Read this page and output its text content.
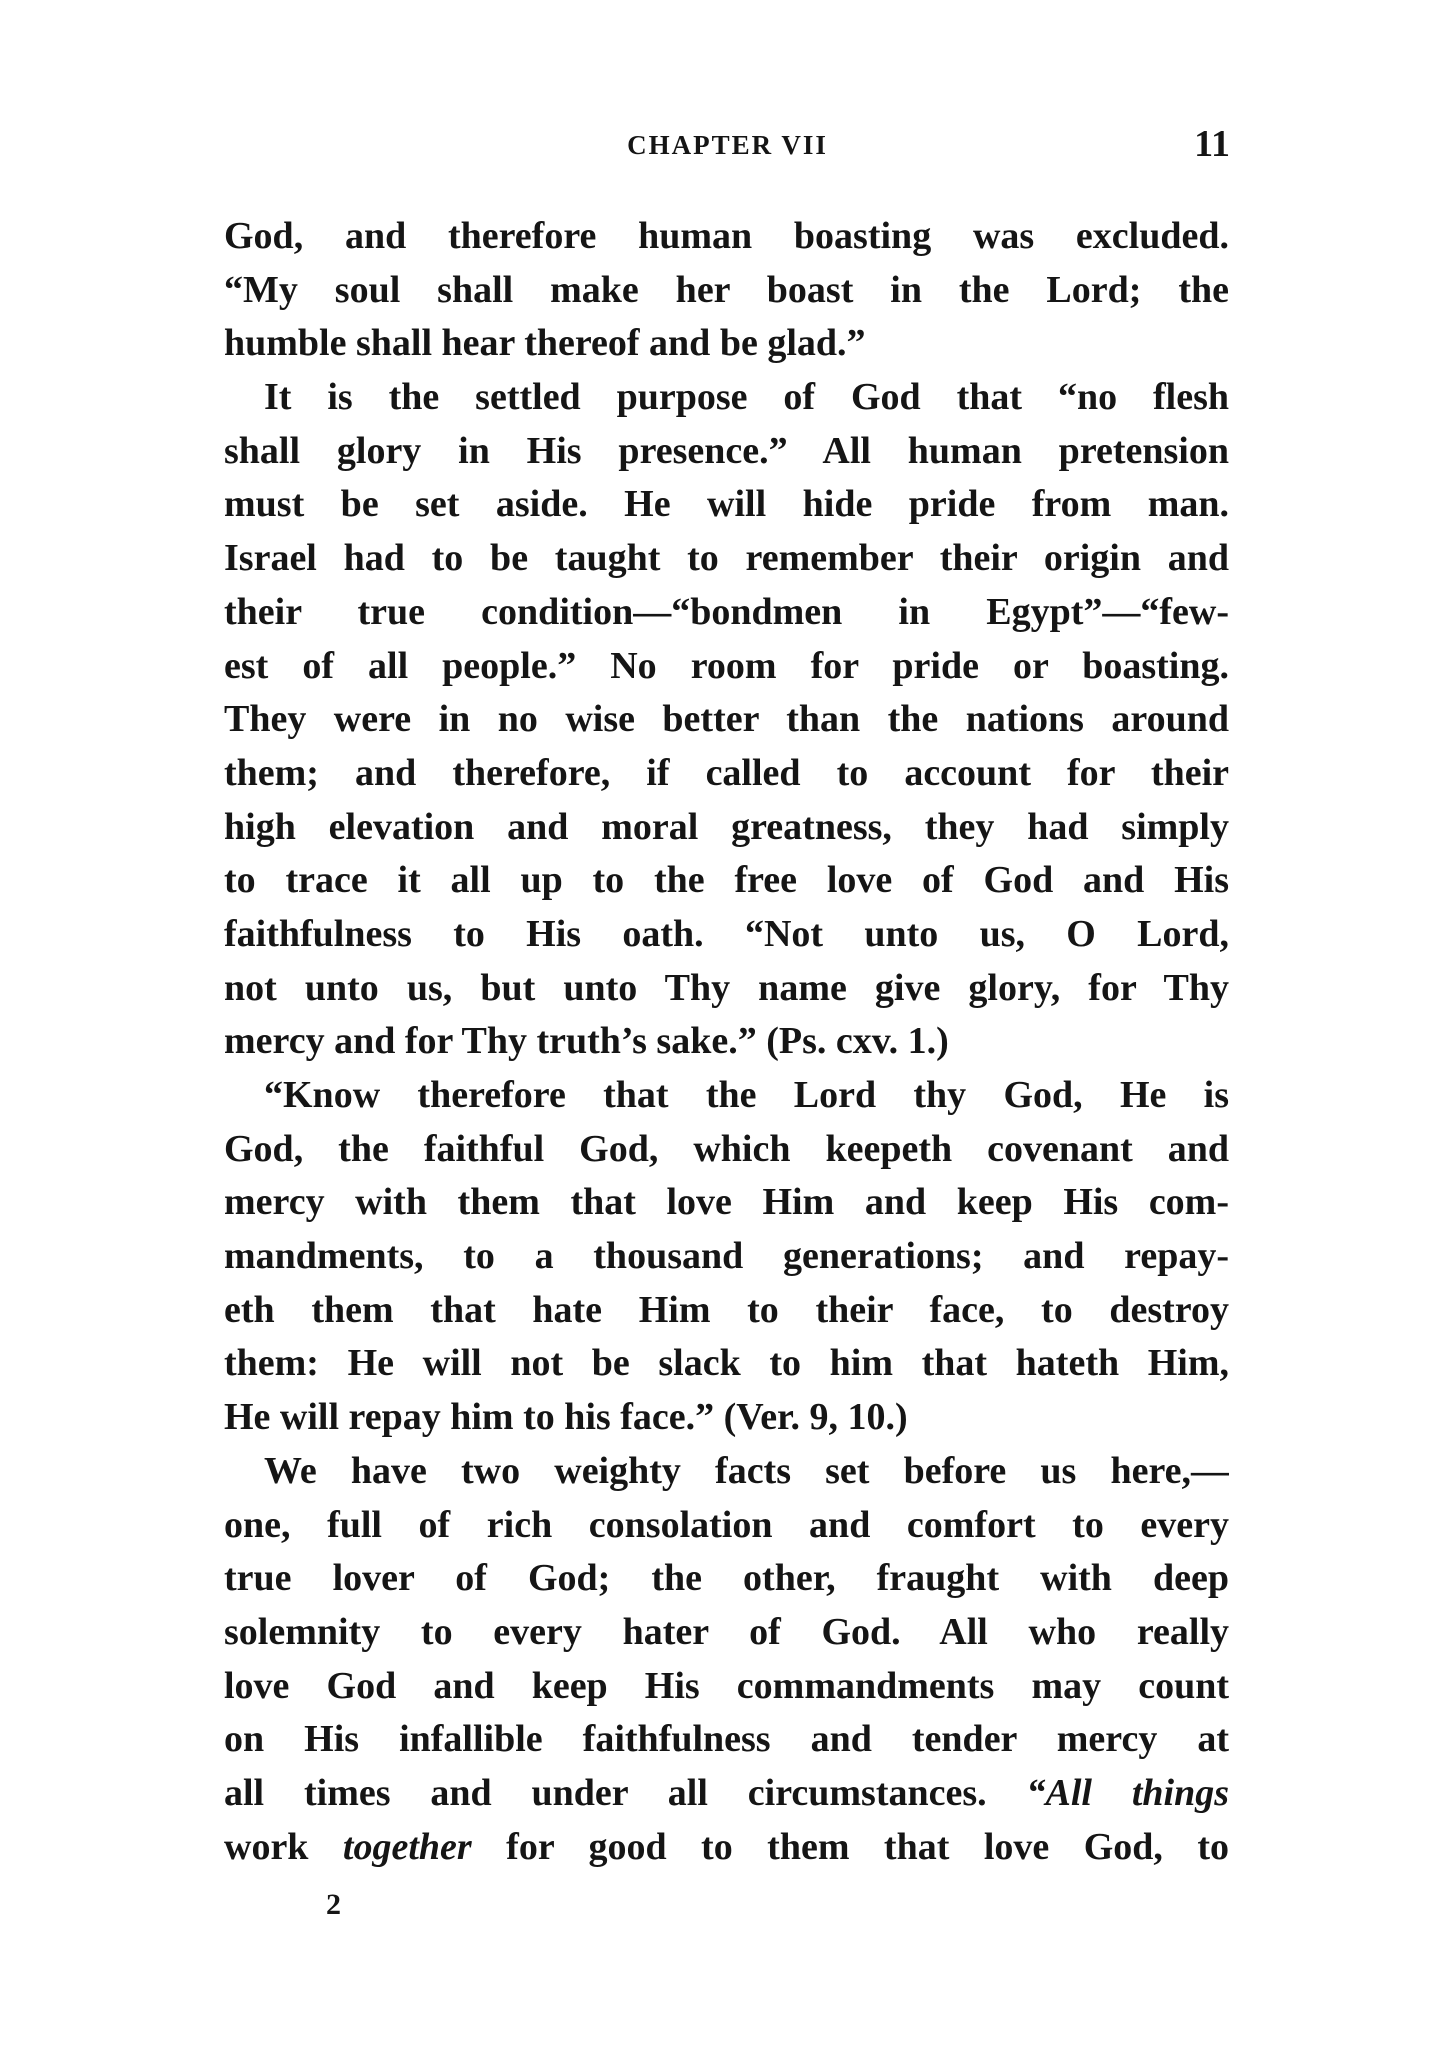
CHAPTER VII	11
God, and therefore human boasting was excluded.
“My soul shall make her boast in the Lord; the
humble shall hear thereof and be glad.”
It is the settled purpose of God that “no flesh
shall glory in His presence.” All human pretension
must be set aside. He will hide pride from man.
Israel had to be taught to remember their origin and
their true condition—“bondmen in Egypt”—“few-
est of all people.” No room for pride or boasting.
They were in no wise better than the nations around
them; and therefore, if called to account for their
high elevation and moral greatness, they had simply
to trace it all up to the free love of God and His
faithfulness to His oath. “Not unto us, O Lord,
not unto us, but unto Thy name give glory, for Thy
mercy and for Thy truth’s sake.” (Ps. cxv. 1.)
“Know therefore that the Lord thy God, He is
God, the faithful God, which keepeth covenant and
mercy with them that love Him and keep His com-
mandments, to a thousand generations; and repay-
eth them that hate Him to their face, to destroy
them: He will not be slack to him that hateth Him,
He will repay him to his face.” (Ver. 9, 10.)
We have two weighty facts set before us here,—
one, full of rich consolation and comfort to every
true lover of God; the other, fraught with deep
solemnity to every hater of God. All who really
love God and keep His commandments may count
on His infallible faithfulness and tender mercy at
all times and under all circumstances. “All things
work together for good to them that love God, to
2
